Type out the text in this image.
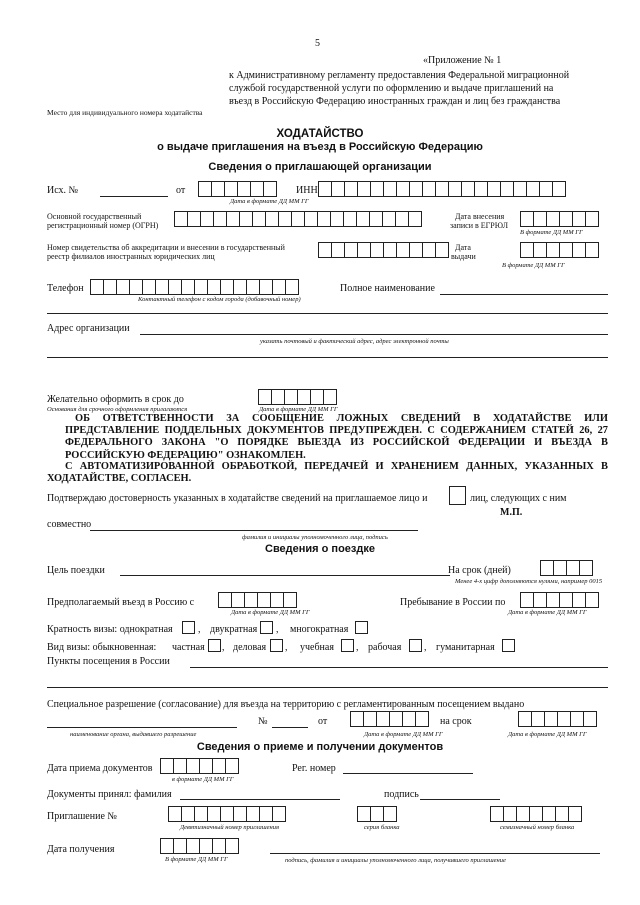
5
«Приложение № 1
к Административному регламенту предоставления Федеральной миграционной
службой государственной услуги по оформлению и выдаче приглашений на
въезд в Российскую Федерацию иностранных граждан и лиц без гражданства
Место для индивидуального номера ходатайства
ХОДАТАЙСТВО
о выдаче приглашения на въезд в Российскую Федерацию
Сведения о приглашающей организации
Исх. №	от
Дата в формате ДД ММ ГГ
ИНН
Основной государственный
регистрационный номер (ОГРН)
Дата внесения
записи в ЕГРЮЛ
В формате ДД ММ ГГ
Номер свидетельства об аккредитации и внесении в государственный
реестр филиалов иностранных юридических лиц
Дата
выдачи
В формате ДД ММ ГГ
Телефон
Контактный телефон с кодом города (добавочный номер)
Полное наименование
Адрес организации
указать почтовый и фактический адрес, адрес электронной почты
Желательно оформить в срок до
Основания для срочного оформления прилагаются	Дата в формате ДД ММ ГГ
ОБ ОТВЕТСТВЕННОСТИ ЗА СООБЩЕНИЕ ЛОЖНЫХ СВЕДЕНИЙ В ХОДАТАЙСТВЕ ИЛИ ПРЕДСТАВЛЕНИЕ ПОДДЕЛЬНЫХ ДОКУМЕНТОВ ПРЕДУПРЕЖДЕН. С СОДЕРЖАНИЕМ СТАТЕЙ 26, 27 ФЕДЕРАЛЬНОГО ЗАКОНА "О ПОРЯДКЕ ВЫЕЗДА ИЗ РОССИЙСКОЙ ФЕДЕРАЦИИ И ВЪЕЗДА В РОССИЙСКУЮ ФЕДЕРАЦИЮ" ОЗНАКОМЛЕН.
С АВТОМАТИЗИРОВАННОЙ ОБРАБОТКОЙ, ПЕРЕДАЧЕЙ И ХРАНЕНИЕМ ДАННЫХ, УКАЗАННЫХ В ХОДАТАЙСТВЕ, СОГЛАСЕН.
Подтверждаю достоверность указанных в ходатайстве сведений на приглашаемое лицо и	лиц, следующих с ним
М.П.
совместно
фамилия и инициалы уполномоченного лица, подпись
Сведения о поездке
Цель поездки	На срок (дней)
Менее 4-х цифр дополняются нулями, например 0015
Предполагаемый въезд в Россию с
Дата в формате ДД ММ ГГ
Пребывание в России по
Дата в формате ДД ММ ГГ
Кратность визы: однократная	, двукратная , многократная
Вид визы: обыкновенная: частная , деловая , учебная , рабочая , гуманитарная
Пункты посещения в России
Специальное разрешение (согласование) для въезда на территорию с регламентированным посещением выдано
наименование органа, выдавшего разрешение
№	от
Дата в формате ДД ММ ГГ
на срок
Дата в формате ДД ММ ГГ
Сведения о приеме и получении документов
Дата приема документов
в формате ДД ММ ГГ
Рег. номер
Документы принял: фамилия	подпись
Приглашение №
Девятизначный номер приглашения	серия бланка	семизначный номер бланка
Дата получения
В формате ДД ММ ГГ	подпись, фамилия и инициалы уполномоченного лица, получившего приглашение
